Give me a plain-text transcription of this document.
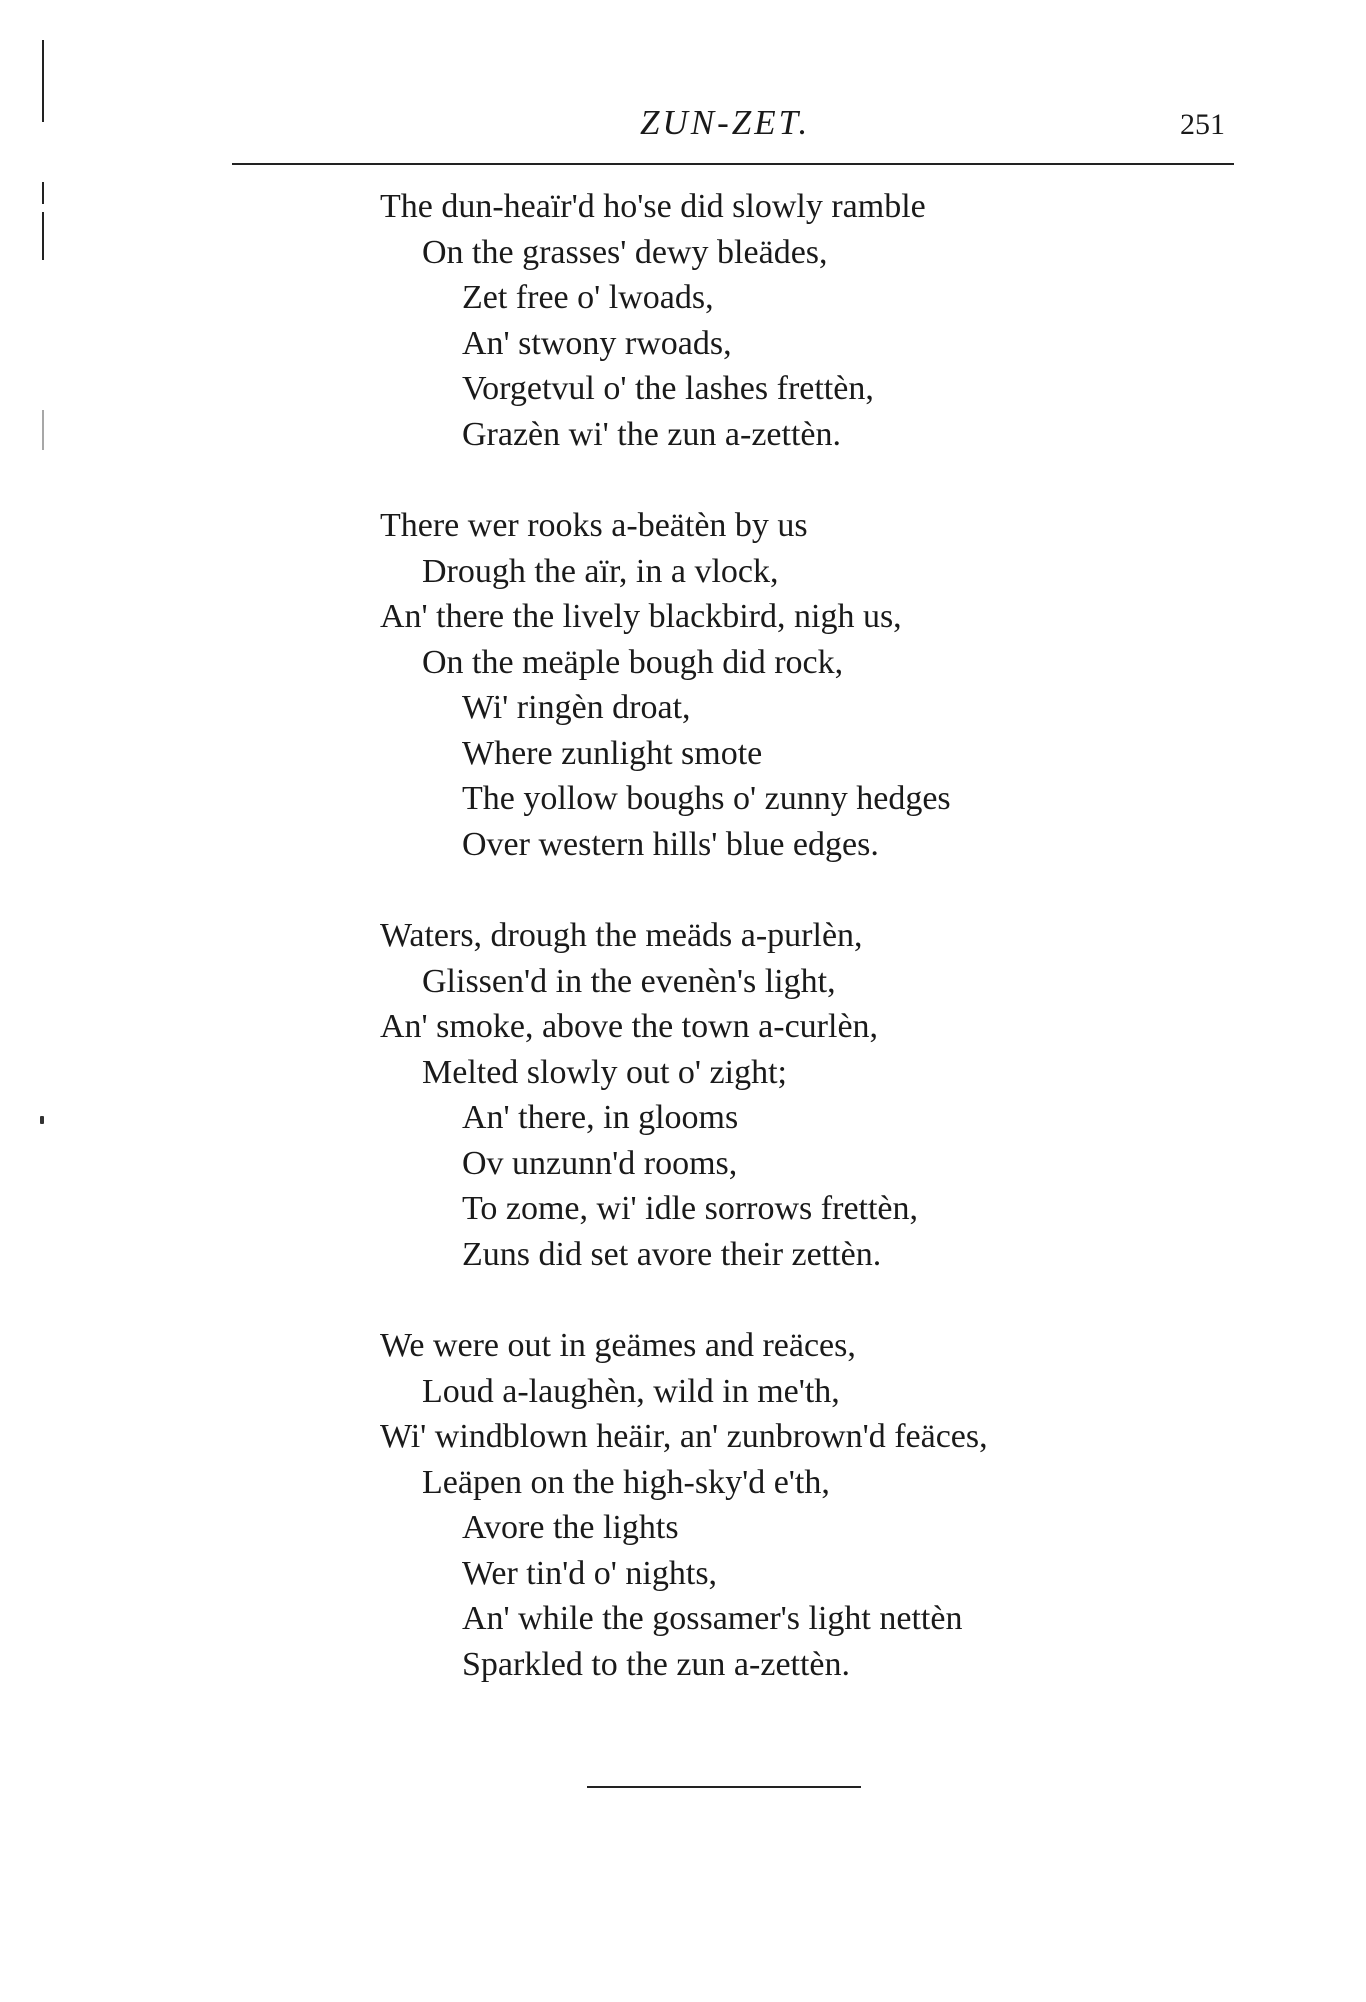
ZUN-ZET.	251
The dun-heaïr'd ho'se did slowly ramble
On the grasses' dewy bleädes,
Zet free o' lwoads,
An' stwony rwoads,
Vorgetvul o' the lashes frettèn,
Grazèn wi' the zun a-zettèn.
There wer rooks a-beätèn by us
Drough the aïr, in a vlock,
An' there the lively blackbird, nigh us,
On the meäple bough did rock,
Wi' ringèn droat,
Where zunlight smote
The yollow boughs o' zunny hedges
Over western hills' blue edges.
Waters, drough the meäds a-purlèn,
Glissen'd in the evenèn's light,
An' smoke, above the town a-curlèn,
Melted slowly out o' zight;
An' there, in glooms
Ov unzunn'd rooms,
To zome, wi' idle sorrows frettèn,
Zuns did set avore their zettèn.
We were out in geämes and reäces,
Loud a-laughèn, wild in me'th,
Wi' windblown heäir, an' zunbrown'd feäces,
Leäpen on the high-sky'd e'th,
Avore the lights
Wer tin'd o' nights,
An' while the gossamer's light nettèn
Sparkled to the zun a-zettèn.
